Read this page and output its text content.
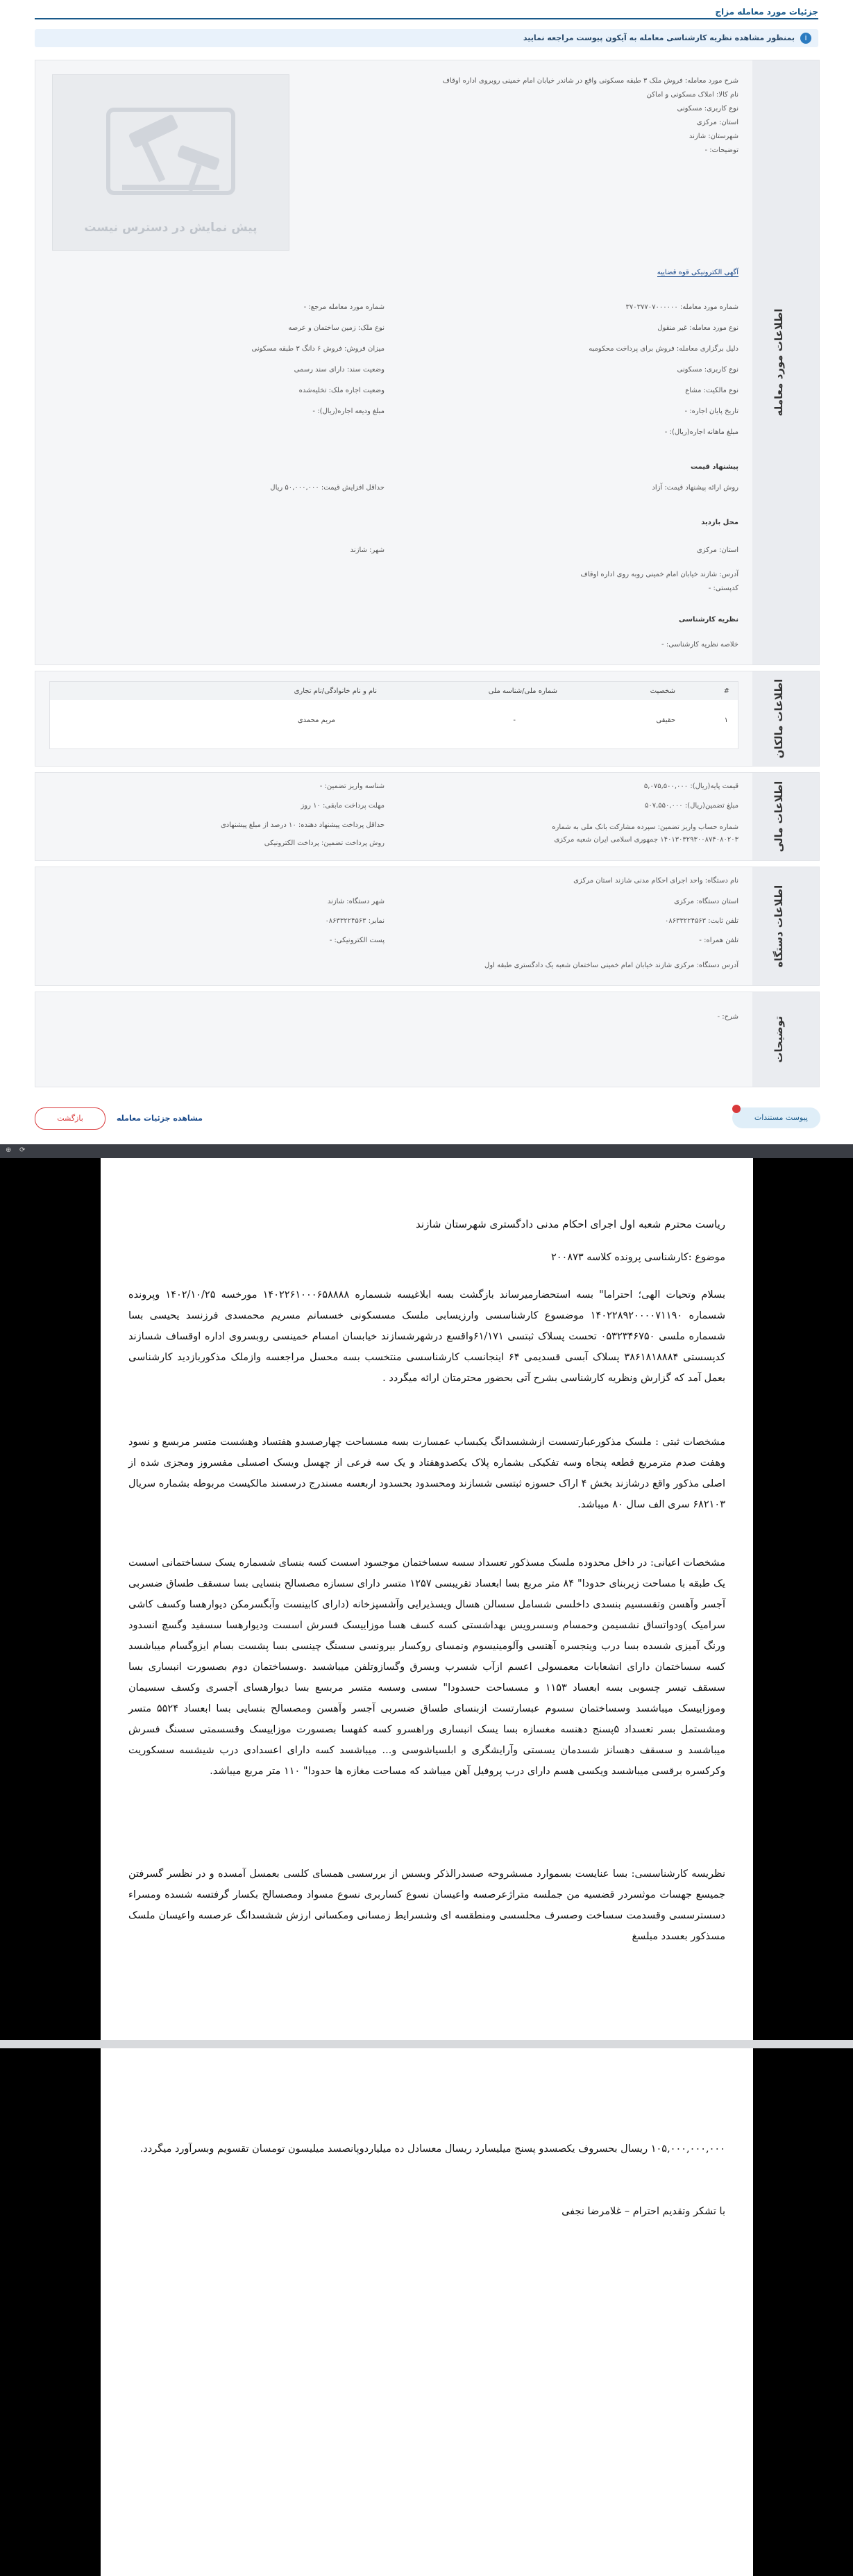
جزئیات مورد معامله مزاج
i
بمنظور مشاهده نظریه کارشناسی معامله به آیکون پیوست مراجعه نمایید
اطلاعات مورد معامله
شرح مورد معامله: فروش ملک ۳ طبقه مسکونی واقع در شاندر خیابان امام خمینی روبروی اداره اوقاف
نام کالا: املاک مسکونی و اماکن
نوع کاربری: مسکونی
استان: مرکزی
شهرستان: شازند
توضیحات: -
پیش نمایش در دسترس نیست
آگهی الکترونیکی قوه قضاییه
شماره مورد معامله: ۳۷۰۳۷۷۰۷۰۰۰۰۰۰
شماره مورد معامله مرجع: -
نوع مورد معامله: غیر منقول
نوع ملک: زمین ساختمان و عرصه
دلیل برگزاری معامله: فروش برای پرداخت محکومبه
میزان فروش: فروش ۶ دانگ ۳ طبقه مسکونی
نوع کاربری: مسکونی
وضعیت سند: دارای سند رسمی
نوع مالکیت: مشاع
وضعیت اجاره ملک: تخلیه‌شده
تاریخ پایان اجاره: -
مبلغ ودیعه اجاره(ریال): -
مبلغ ماهانه اجاره(ریال): -
پیشنهاد قیمت
روش ارائه پیشنهاد قیمت: آزاد
حداقل افزایش قیمت: ۵۰,۰۰۰,۰۰۰ ریال
محل بازدید
استان: مرکزی
شهر: شازند
آدرس: شازند خیابان امام خمینی روبه روی اداره اوقاف
کدپستی: -
نظریه کارشناسی
خلاصه نظریه کارشناسی: -
اطلاعات مالکان
#
شخصیت
شماره ملی/شناسه ملی
نام و نام خانوادگی/نام تجاری
۱
حقیقی
-
مریم محمدی
اطلاعات مالی
قیمت پایه(ریال): ۵,۰۷۵,۵۰۰,۰۰۰
شناسه واریز تضمین: -
مبلغ تضمین(ریال): ۵۰۷,۵۵۰,۰۰۰
مهلت پرداخت مابقی: ۱۰ روز
شماره حساب واریز تضمین: سپرده مشارکت بانک ملی به شماره ۱۴۰۱۳۰۳۲۹۳۰۰۸۷۴۰۸۰۲۰۳ جمهوری اسلامی ایران شعبه مرکزی
حداقل پرداخت پیشنهاد دهنده: ۱۰ درصد از مبلغ پیشنهادی
روش پرداخت تضمین: پرداخت الکترونیکی
اطلاعات دستگاه
نام دستگاه: واحد اجرای احکام مدنی شازند استان مرکزی
استان دستگاه: مرکزی
شهر دستگاه: شازند
تلفن ثابت: ۰۸۶۳۳۲۲۴۵۶۳
نمابر: ۰۸۶۳۳۲۲۴۵۶۳
تلفن همراه: -
پست الکترونیکی: -
آدرس دستگاه: مرکزی شازند خیابان امام خمینی ساختمان شعبه یک دادگستری طبقه اول
توضیحات
شرح: -
پیوست مستندات
مشاهده جزئیات معامله
بازگشت
⊕ ⟳
ریاست محترم شعبه اول اجرای احکام مدنی دادگستری شهرستان شازند
موضوع :کارشناسی پرونده کلاسه ۲۰۰۸۷۳
بسلام وتحیات الهی؛ احتراما" بسه استحضارمیرساند بازگشت بسه ابلاغیسه شسماره ۱۴۰۲۲۶۱۰۰۰۶۵۸۸۸۸ مورخسه ۱۴۰۲/۱۰/۲۵ وپرونده شسماره ۱۴۰۲۲۸۹۲۰۰۰۰۷۱۱۹۰ موضسوع کارشناسسی وارزیسابی ملسک مسسکونی خسسانم مسریم محمسدی فرزنسد یحیسی بسا شسماره ملسی ۰۵۳۲۳۴۶۷۵۰ تحست پسلاک ثبتسی ۶۱/۱۷۱واقسع درشهرشسازند خیابسان امسام خمینسی روبسروی اداره اوقساف شسازند کدپسستی ۳۸۶۱۸۱۸۸۸۴ پسلاک آبسی قسدیمی ۶۴ اینجانسب کارشناسسی منتخسب بسه محسل مراجعسه وازملک مذکوربازدید کارشناسی بعمل آمد که گزارش ونظریه کارشناسی بشرح آتی بحضور محترمتان ارائه میگردد .
مشخصات ثبتی : ملسک مذکورعبارتسست ازششسدانگ یکبساب عمسارت بسه مسساحت چهارصسدو هفتساد وهشست متسر مربسع و نسود وهفت صدم مترمربع قطعه پنجاه وسه تفکیکی بشماره پلاک یکصدوهفتاد و یک سه فرعی از چهسل ویسک اصسلی مفسروز ومجزی شده از اصلی مذکور واقع درشازند بخش ۴ اراک حسوزه ثبتسی شسازند ومحسدود بحسدود اربعسه مسندرج درسسند مالکیست مربوطه بشماره سریال ۶۸۲۱۰۳ سری الف سال ۸۰ میباشد.
مشخصات اعیانی: در داخل محدوده ملسک مسذکور تعسداد سسه سساختمان موجسود اسست کسه بنسای شسماره یسک سساختمانی اسست یک طبقه با مساحت زیربنای حدودا" ۸۴ متر مربع بسا ابعساد تقریبسی ۱۲۵۷ متسر دارای سسازه مصسالح بنسایی بسا سسقف طساق ضسربی آجسر وآهسن وتقسسیم بنسدی داخلسی شسامل سسالن هسال ویسذیرایی وآشسپزخانه (دارای کابینست وآبگسرمکن دیوارهسا وکسف کاشی سرامیک )ودواتساق نشسیمن وحمسام وسسرویس بهداشستی کسه کسف هسا موزاییسک فسرش اسست ودیوارهسا سسفید وگسچ انسدود ورنگ آمیزی شسده بسا درب وینجسره آهنسی وآلومینیسوم ونمسای روکسار بیرونسی سسنگ چینسی بسا پشست بسام ایزوگسام میباشسد کسه سساختمان دارای انشعابات معمسولی اعسم ازآب شسرب وبسرق وگسازوتلفن میباشسد .وسساختمان دوم بصسورت انبساری بسا سسقف تیسر چسوبی بسه ابعساد ۱۱۵۳ و مسساحت حسدودا" سسی وسسه متسر مربسع بسا دیوارهسای آجسری وکسف سسیمان وموزاییسک میباشسد وسساختمان سسوم عبسارتست ازبنسای طساق ضسربی آجسر وآهسن ومصسالح بنسایی بسا ابعساد ۵۵۲۴ متسر ومشستمل بسر تعسداد ۵پسنج دهنسه مغسازه بسا یسک انبساری وراهسرو کسه کفهسا بصسورت موزاییسک وقسسمتی سسنگ فسرش میباشسد و سسقف دهسانز شسدمان یسستی وآرایشگری و ابلسیاشوسی و... میباشسد کسه دارای اعسدادی درب شیشسه سسکوریت وکرکسره برقسی میباشسد ویکسی هسم دارای درب پروفیل آهن میباشد که مساحت مغازه ها حدودا" ۱۱۰ متر مربع میباشد.
نظریسه کارشناسسی: بسا عنایست بسموارد مسشروحه صسدرالذکر وبسس از بررسسی همسای کلسی بعمسل آمسده و در نظسر گسرفتن جمیسع جهسات موثسردر قضسیه من جملسه متراژعرصسه واعیسان نسوع کساربری نسوع مسواد ومصسالح بکسار گرفتسه شسده ومسراء دسسترسسی وقسدمت سساخت وصسرف محلسسی ومنطقسه ای وشسرایط زمسانی ومکسانی ارزش ششسدانگ عرصسه واعیسان ملسک مسذکور بعسدد مبلسغ
۱۰۵,۰۰۰,۰۰۰,۰۰۰ ریسال بحسروف یکصسدو پسنج میلیسارد ریسال معسادل ده میلیاردوپانصسد میلیسون تومسان تقسویم وبسرآورد میگردد.
با تشکر وتقدیم احترام – غلامرضا نجفی
